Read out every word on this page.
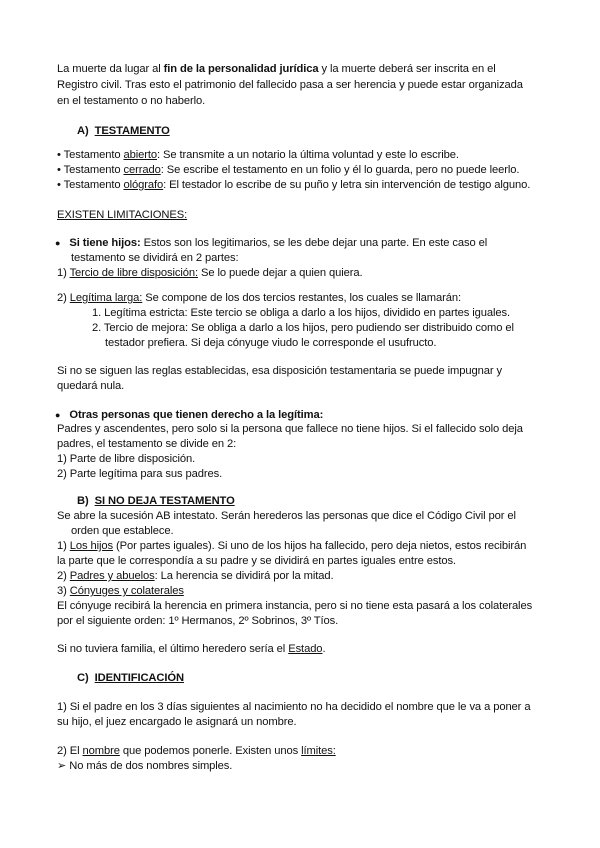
La muerte da lugar al fin de la personalidad jurídica y la muerte deberá ser inscrita en el
Registro civil. Tras esto el patrimonio del fallecido pasa a ser herencia y puede estar organizada
en el testamento o no haberlo.
A) TESTAMENTO
• Testamento abierto: Se transmite a un notario la última voluntad y este lo escribe.
• Testamento cerrado: Se escribe el testamento en un folio y él lo guarda, pero no puede leerlo.
• Testamento ológrafo: El testador lo escribe de su puño y letra sin intervención de testigo alguno.
EXISTEN LIMITACIONES:
● Si tiene hijos: Estos son los legitimarios, se les debe dejar una parte. En este caso el
testamento se dividirá en 2 partes:
1) Tercio de libre disposición: Se lo puede dejar a quien quiera.
2) Legítima larga: Se compone de los dos tercios restantes, los cuales se llamarán:
1. Legítima estricta: Este tercio se obliga a darlo a los hijos, dividido en partes iguales.
2. Tercio de mejora: Se obliga a darlo a los hijos, pero pudiendo ser distribuido como el
testador prefiera. Si deja cónyuge viudo le corresponde el usufructo.
Si no se siguen las reglas establecidas, esa disposición testamentaria se puede impugnar y
quedará nula.
● Otras personas que tienen derecho a la legítima:
Padres y ascendentes, pero solo si la persona que fallece no tiene hijos. Si el fallecido solo deja
padres, el testamento se divide en 2:
1) Parte de libre disposición.
2) Parte legítima para sus padres.
B) SI NO DEJA TESTAMENTO
Se abre la sucesión AB intestato. Serán herederos las personas que dice el Código Civil por el
orden que establece.
1) Los hijos (Por partes iguales). Si uno de los hijos ha fallecido, pero deja nietos, estos recibirán
la parte que le correspondía a su padre y se dividirá en partes iguales entre estos.
2) Padres y abuelos: La herencia se dividirá por la mitad.
3) Cónyuges y colaterales
El cónyuge recibirá la herencia en primera instancia, pero si no tiene esta pasará a los colaterales
por el siguiente orden: 1º Hermanos, 2º Sobrinos, 3º Tíos.
Si no tuviera familia, el último heredero sería el Estado.
C) IDENTIFICACIÓN
1) Si el padre en los 3 días siguientes al nacimiento no ha decidido el nombre que le va a poner a
su hijo, el juez encargado le asignará un nombre.
2) El nombre que podemos ponerle. Existen unos límites:
➢ No más de dos nombres simples.
